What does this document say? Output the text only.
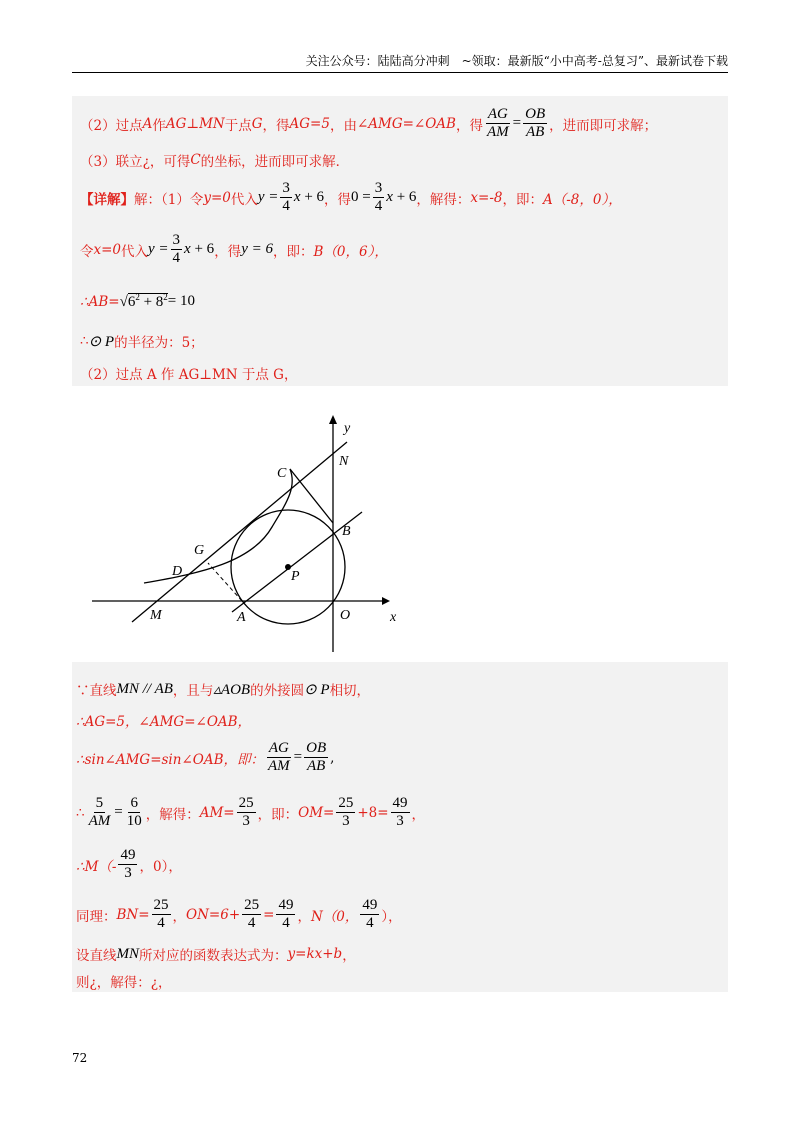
关注公众号：陆陆高分冲刺　~领取：最新版“小中高考-总复习”、最新试卷下载
（2）过点 A 作 AG⊥MN 于点 G ，得 AG=5 ，由 ∠AMG=∠OAB ，得 $\frac{AG}{AM} = \frac{OB}{AB}$ ，进而即可求解；
（3）联立¿，可得 C 的坐标，进而即可求解．
【详解】 解：（1）令 y=0 代入 $y = \frac{3}{4}$ x + 6 ，得 $0 = \frac{3}{4}$ x + 6 ，解得： x=-8 ，即： A（-8，0），
令 x=0 代入 $y = \frac{3}{4}$ x + 6 ，得 y = 6 ，即： B（0，6），
∴AB= $√6^2 + 8^2 = 10$
∴ ⊙ P 的半径为：5；
（2）过点 A 作 AG⊥MN 于点 G，
y
x
N
C
B
G
D	P
M	A	O
∵直线 MN // AB ，且与 ▵AOB 的外接圆 ⊙ P 相切，
∴AG=5，∠AMG=∠OAB，
∴sin∠AMG=sin∠OAB，即： $\frac{AG}{AM} = \frac{OB}{AB}$ ,
∴ $\frac{5}{AM} = \frac{6}{10}$ ，解得： $AM= \frac{25}{3}$ ，即： $OM= \frac{25}{3} +8= \frac{49}{3}$ ，
∴M（- $\frac{49}{3}$ ，0），
同理： $BN= \frac{25}{4}$ ， $ON=6+ \frac{25}{4} = \frac{49}{4}$ ， N（0， $\frac{49}{4}$ ），
设直线 MN 所对应的函数表达式为： y=kx+b ，
则¿，解得：¿，
72
